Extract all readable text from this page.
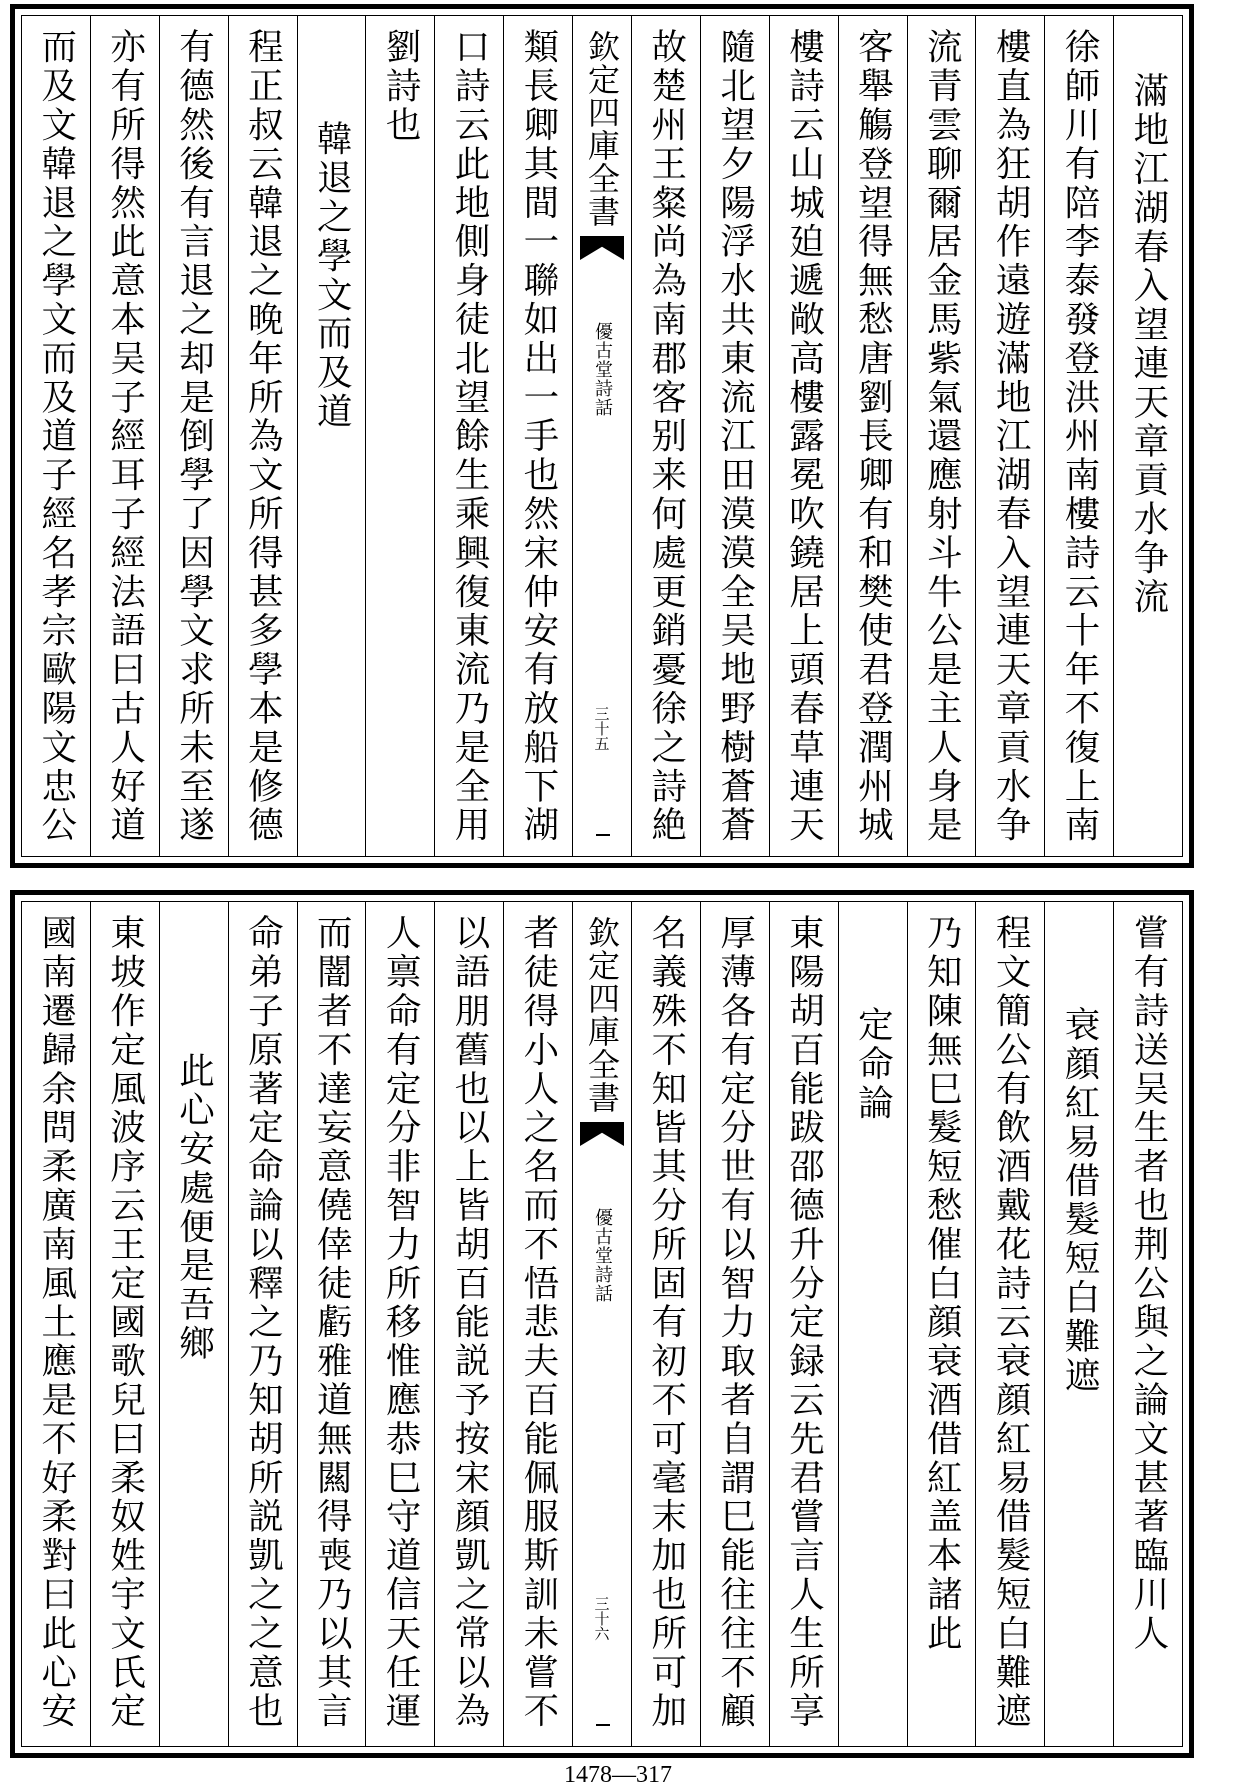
滿地江湖春入望連天章貢水争流
徐師川有陪李泰發登洪州南樓詩云十年不復上南
樓直為狂胡作遠遊滿地江湖春入望連天章貢水争
流青雲聊爾居金馬紫氣還應射斗牛公是主人身是
客舉觴登望得無愁唐劉長卿有和樊使君登潤州城
樓詩云山城廹遞敞高樓露冕吹鐃居上頭春草連天
隨北望夕陽浮水共東流江田漠漠全吴地野樹蒼蒼
故楚州王粲尚為南郡客别来何處更銷憂徐之詩絶
欽定四庫全書
優古堂詩話
三十五
類長卿其間一聯如出一手也然宋仲安有放船下湖
口詩云此地側身徒北望餘生乘興復東流乃是全用
劉詩也
韓退之學文而及道
程正叔云韓退之晚年所為文所得甚多學本是修德
有德然後有言退之却是倒學了因學文求所未至遂
亦有所得然此意本吴子經耳子經法語曰古人好道
而及文韓退之學文而及道子經名孝宗歐陽文忠公
嘗有詩送吴生者也荆公與之論文甚著臨川人
衰顔紅易借髮短白難遮
程文簡公有飲酒戴花詩云衰顔紅易借髮短白難遮
乃知陳無巳髮短愁催白顔衰酒借紅盖本諸此
定命論
東陽胡百能跋邵德升分定録云先君嘗言人生所享
厚薄各有定分世有以智力取者自謂巳能往往不顧
名義殊不知皆其分所固有初不可毫末加也所可加
欽定四庫全書
優古堂詩話
三十六
者徒得小人之名而不悟悲夫百能佩服斯訓未嘗不
以語朋舊也以上皆胡百能説予按宋顔凱之常以為
人禀命有定分非智力所移惟應恭巳守道信天任運
而闇者不達妄意僥倖徒虧雅道無闗得喪乃以其言
命弟子原著定命論以釋之乃知胡所説凱之之意也
此心安處便是吾鄉
東坡作定風波序云王定國歌兒曰柔奴姓宇文氏定
國南遷歸余問柔廣南風土應是不好柔對曰此心安
1478—317
